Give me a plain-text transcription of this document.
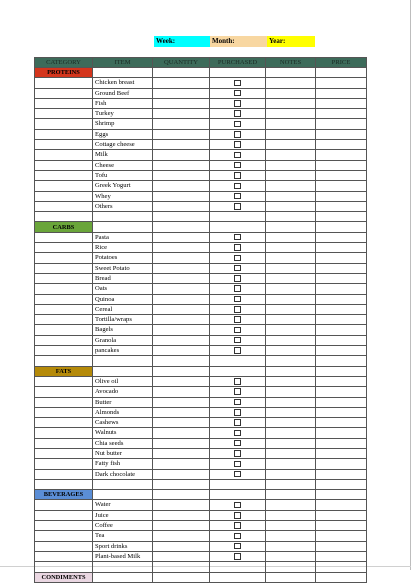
Week:	Month:	Year:
CATEGORY	ITEM	QUANTITY	PURCHASED	NOTES	PRICE

PROTEINS					

	Chicken breast				
	Ground Beef				
	Fish				
	Turkey				
	Shrimp				
	Eggs				
	Cottage cheese				
	Milk				
	Cheese				
	Tofu				
	Greek Yogurt				
	Whey				
	Others				

CARBS					

	Pasta				
	Rice				
	Potatoes				
	Sweet Potato				
	Bread				
	Oats				
	Quinoa				
	Cereal				
	Tortilla/wraps				
	Bagels				
	Granola				
	pancakes				

FATS					

	Olive oil				
	Avocado				
	Butter				
	Almonds				
	Cashews				
	Walnuts				
	Chia seeds				
	Nut butter				
	Fatty fish				
	Dark chocolate				

BEVERAGES					

	Water				
	Juice				
	Coffee				
	Tea				
	Sport drinks				
	Plant-based Milk				

CONDIMENTS					
